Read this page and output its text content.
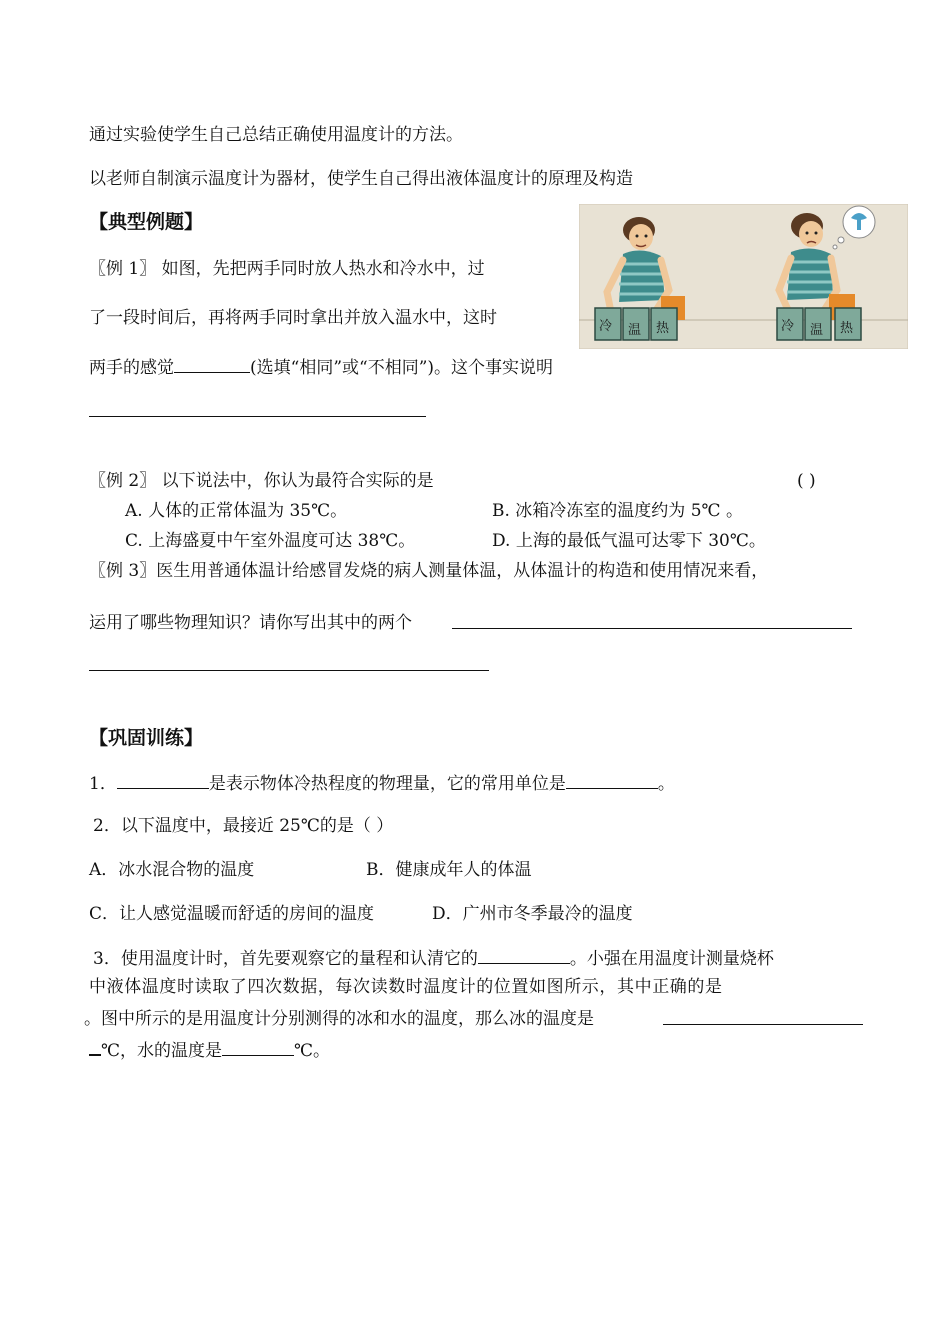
通过实验使学生自己总结正确使用温度计的方法。
以老师自制演示温度计为器材，使学生自己得出液体温度计的原理及构造
【典型例题】
〖例 1〗 如图，先把两手同时放人热水和冷水中，过
了一段时间后，再将两手同时拿出并放入温水中，这时
两手的感觉	(选填“相同”或“不相同”)。这个事实说明
冷 温 热	冷 温 热
〖例 2〗 以下说法中，你认为最符合实际的是	( )
A. 人体的正常体温为 35℃。	B. 冰箱冷冻室的温度约为 5℃ 。
C. 上海盛夏中午室外温度可达 38℃。	D. 上海的最低气温可达零下 30℃。
〖例 3〗医生用普通体温计给感冒发烧的病人测量体温，从体温计的构造和使用情况来看，
运用了哪些物理知识？请你写出其中的两个
【巩固训练】
1．	是表示物体冷热程度的物理量，它的常用单位是	。
2．以下温度中，最接近 25℃的是（ ）
A．冰水混合物的温度	B．健康成年人的体温
C．让人感觉温暖而舒适的房间的温度	D．广州市冬季最冷的温度
3．使用温度计时，首先要观察它的量程和认清它的	。小强在用温度计测量烧杯
中液体温度时读取了四次数据，每次读数时温度计的位置如图所示，其中正确的是
。图中所示的是用温度计分别测得的冰和水的温度，那么冰的温度是
℃，水的温度是	℃。
